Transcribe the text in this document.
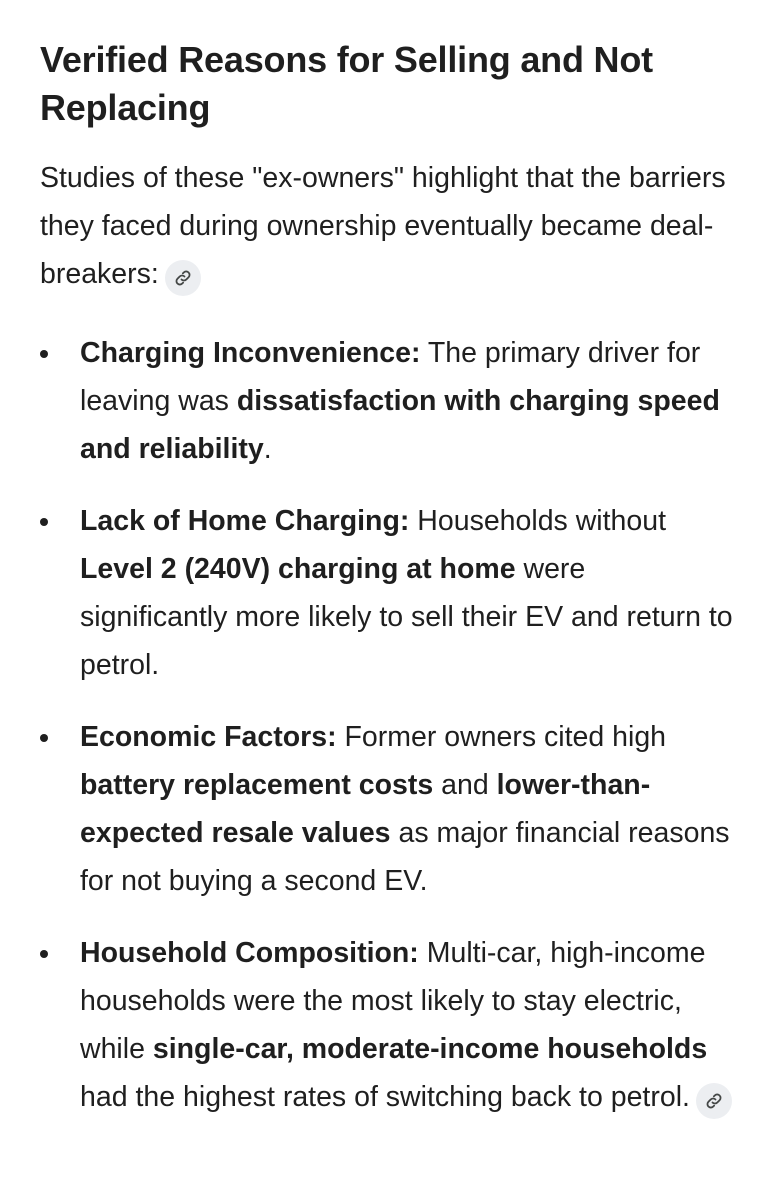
Verified Reasons for Selling and Not Replacing

Studies of these "ex-owners" highlight that the barriers they faced during ownership eventually became deal-breakers:

Charging Inconvenience: The primary driver for leaving was dissatisfaction with charging speed and reliability.
Lack of Home Charging: Households without Level 2 (240V) charging at home were significantly more likely to sell their EV and return to petrol.
Economic Factors: Former owners cited high battery replacement costs and lower-than-expected resale values as major financial reasons for not buying a second EV.
Household Composition: Multi-car, high-income households were the most likely to stay electric, while single-car, moderate-income households had the highest rates of switching back to petrol.
